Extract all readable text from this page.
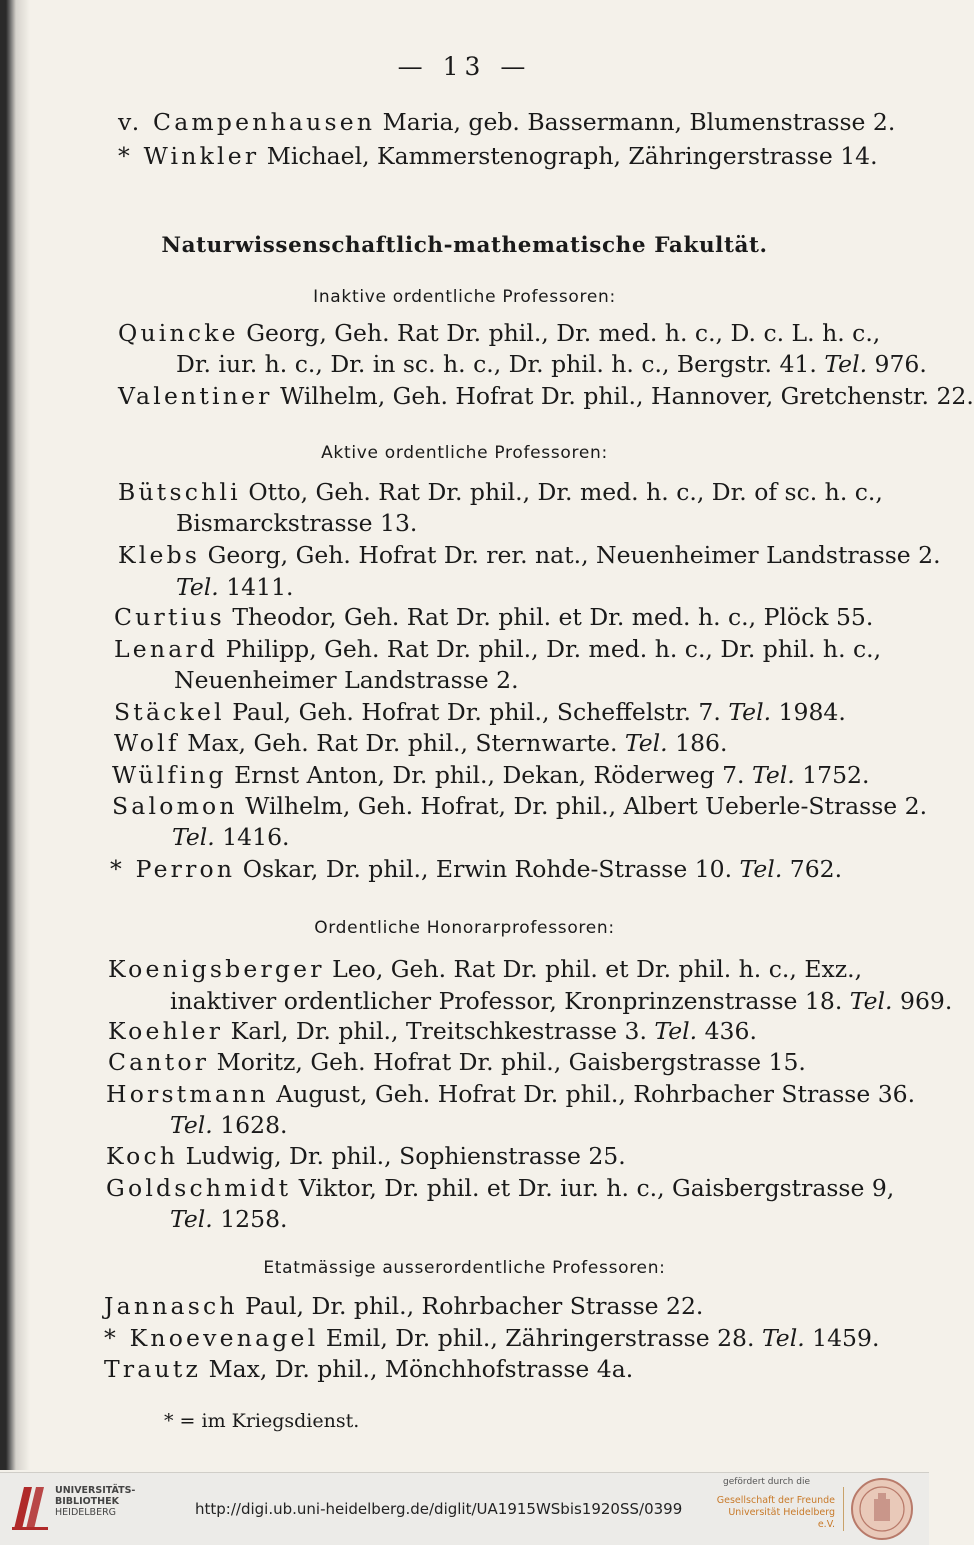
— 13 —
v. Campenhausen Maria, geb. Bassermann, Blumenstrasse 2.
* Winkler Michael, Kammerstenograph, Zähringerstrasse 14.
Naturwissenschaftlich-mathematische Fakultät.
Inaktive ordentliche Professoren:
Quincke Georg, Geh. Rat Dr. phil., Dr. med. h. c., D. c. L. h. c.,
Dr. iur. h. c., Dr. in sc. h. c., Dr. phil. h. c., Bergstr. 41. Tel. 976.
Valentiner Wilhelm, Geh. Hofrat Dr. phil., Hannover, Gretchenstr. 22.
Aktive ordentliche Professoren:
Bütschli Otto, Geh. Rat Dr. phil., Dr. med. h. c., Dr. of sc. h. c.,
Bismarckstrasse 13.
Klebs Georg, Geh. Hofrat Dr. rer. nat., Neuenheimer Landstrasse 2.
Tel. 1411.
Curtius Theodor, Geh. Rat Dr. phil. et Dr. med. h. c., Plöck 55.
Lenard Philipp, Geh. Rat Dr. phil., Dr. med. h. c., Dr. phil. h. c.,
Neuenheimer Landstrasse 2.
Stäckel Paul, Geh. Hofrat Dr. phil., Scheffelstr. 7. Tel. 1984.
Wolf Max, Geh. Rat Dr. phil., Sternwarte. Tel. 186.
Wülfing Ernst Anton, Dr. phil., Dekan, Röderweg 7. Tel. 1752.
Salomon Wilhelm, Geh. Hofrat, Dr. phil., Albert Ueberle-Strasse 2.
Tel. 1416.
* Perron Oskar, Dr. phil., Erwin Rohde-Strasse 10. Tel. 762.
Ordentliche Honorarprofessoren:
Koenigsberger Leo, Geh. Rat Dr. phil. et Dr. phil. h. c., Exz.,
inaktiver ordentlicher Professor, Kronprinzenstrasse 18. Tel. 969.
Koehler Karl, Dr. phil., Treitschkestrasse 3. Tel. 436.
Cantor Moritz, Geh. Hofrat Dr. phil., Gaisbergstrasse 15.
Horstmann August, Geh. Hofrat Dr. phil., Rohrbacher Strasse 36.
Tel. 1628.
Koch Ludwig, Dr. phil., Sophienstrasse 25.
Goldschmidt Viktor, Dr. phil. et Dr. iur. h. c., Gaisbergstrasse 9,
Tel. 1258.
Etatmässige ausserordentliche Professoren:
Jannasch Paul, Dr. phil., Rohrbacher Strasse 22.
* Knoevenagel Emil, Dr. phil., Zähringerstrasse 28. Tel. 1459.
Trautz Max, Dr. phil., Mönchhofstrasse 4a.
* = im Kriegsdienst.
UNIVERSITÄTS-
BIBLIOTHEK
HEIDELBERG	http://digi.ub.uni-heidelberg.de/diglit/UA1915WSbis1920SS/0399
gefördert durch die
Gesellschaft der Freunde
Universität Heidelberg e.V.
